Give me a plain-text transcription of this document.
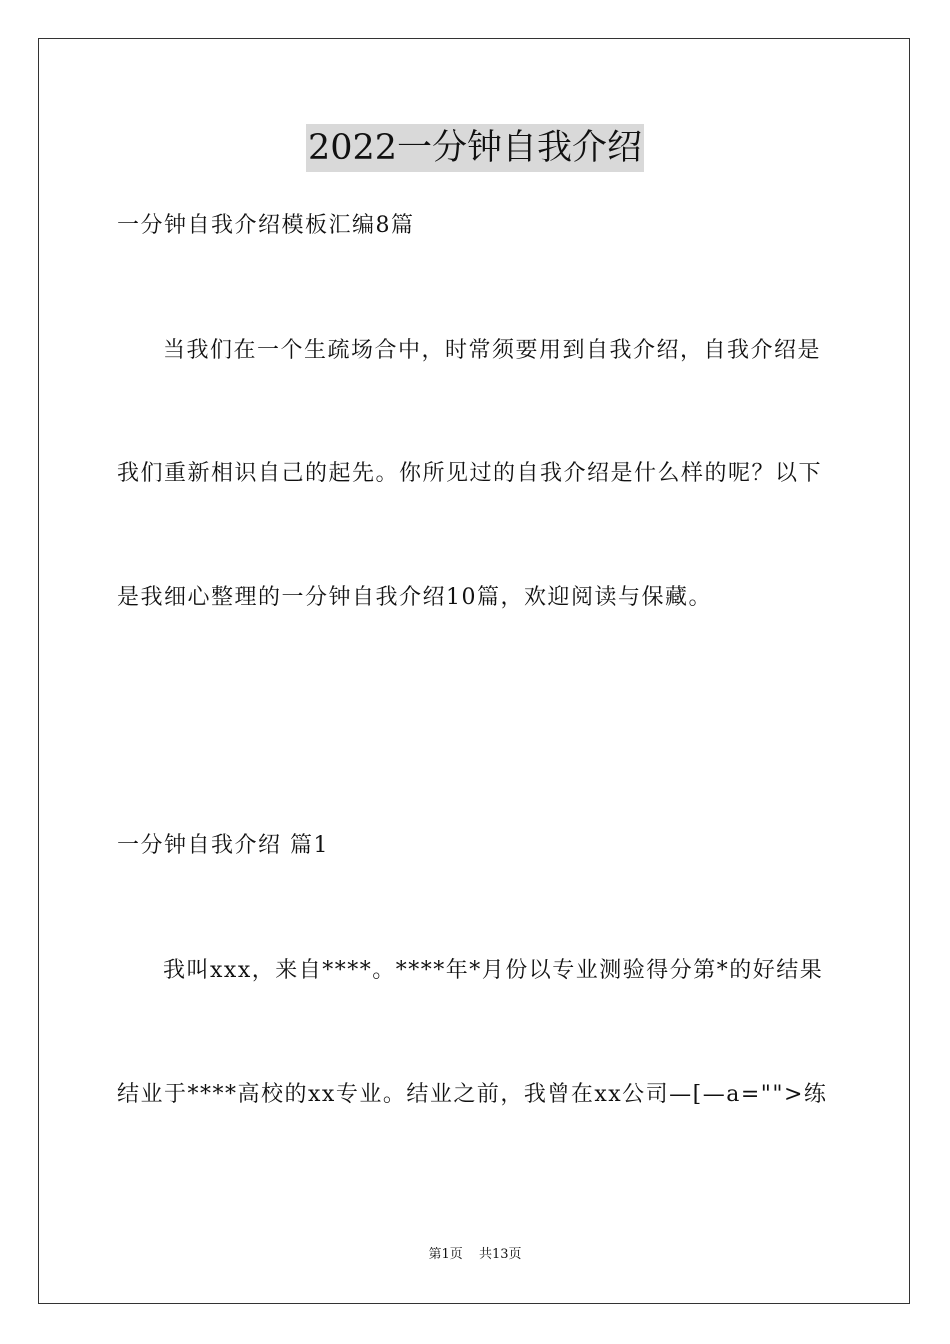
2022一分钟自我介绍
一分钟自我介绍模板汇编8篇
当我们在一个生疏场合中，时常须要用到自我介绍，自我介绍是
我们重新相识自己的起先。你所见过的自我介绍是什么样的呢？以下
是我细心整理的一分钟自我介绍10篇，欢迎阅读与保藏。
一分钟自我介绍 篇1
我叫xxx，来自****。****年*月份以专业测验得分第*的好结果
结业于****高校的xx专业。结业之前，我曾在xx公司—[—a="">练
第1页 共13页
